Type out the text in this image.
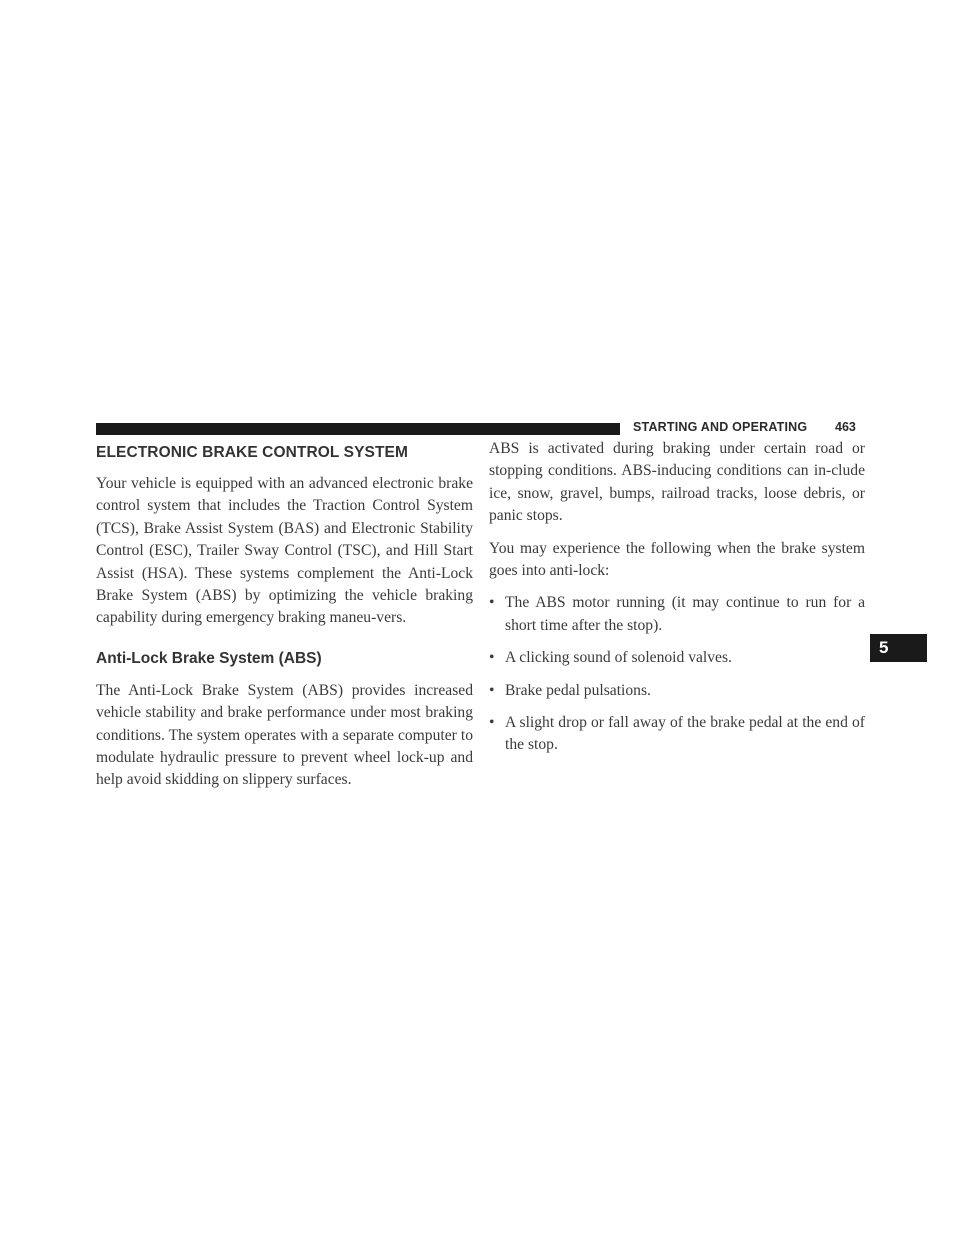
STARTING AND OPERATING 463
5
ELECTRONIC BRAKE CONTROL SYSTEM

Your vehicle is equipped with an advanced electronic brake control system that includes the Traction Control System (TCS), Brake Assist System (BAS) and Electronic Stability Control (ESC), Trailer Sway Control (TSC), and Hill Start Assist (HSA). These systems complement the Anti-Lock Brake System (ABS) by optimizing the vehicle braking capability during emergency braking maneu-vers.

Anti-Lock Brake System (ABS)

The Anti-Lock Brake System (ABS) provides increased vehicle stability and brake performance under most braking conditions. The system operates with a separate computer to modulate hydraulic pressure to prevent wheel lock-up and help avoid skidding on slippery surfaces.

ABS is activated during braking under certain road or stopping conditions. ABS-inducing conditions can in-clude ice, snow, gravel, bumps, railroad tracks, loose debris, or panic stops.

You may experience the following when the brake system goes into anti-lock:

• The ABS motor running (it may continue to run for a short time after the stop).
• A clicking sound of solenoid valves.
• Brake pedal pulsations.
• A slight drop or fall away of the brake pedal at the end of the stop.
